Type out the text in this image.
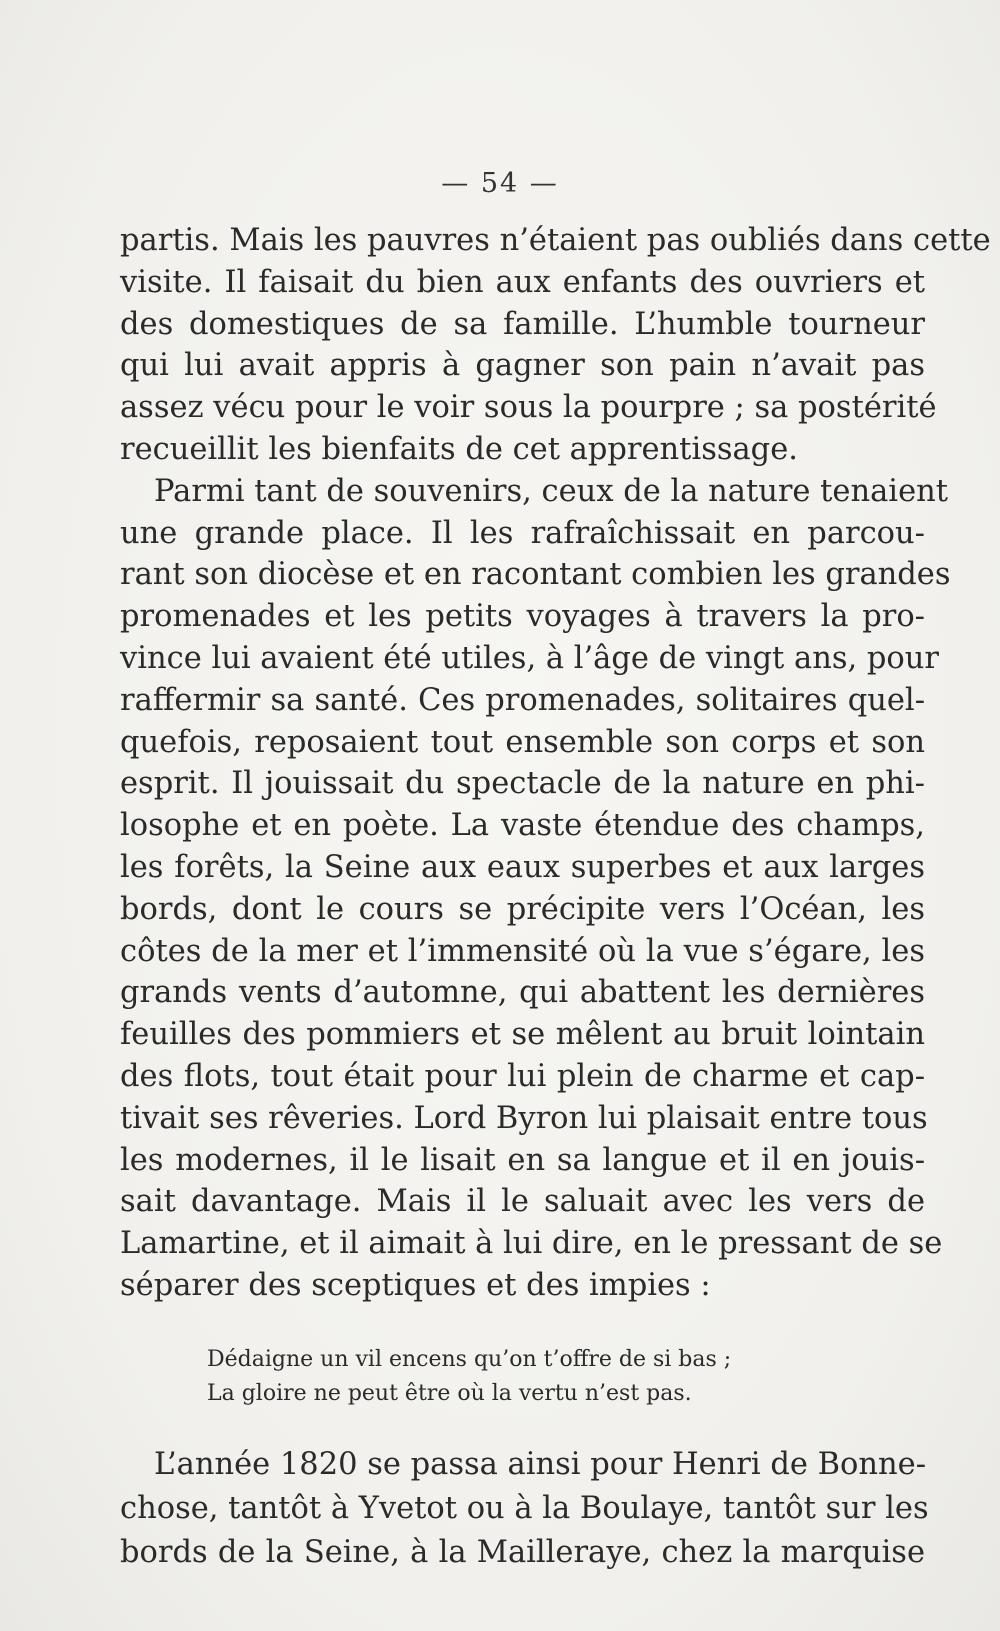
— 54 —
partis. Mais les pauvres n’étaient pas oubliés dans cette
visite. Il faisait du bien aux enfants des ouvriers et
des domestiques de sa famille. L’humble tourneur
qui lui avait appris à gagner son pain n’avait pas
assez vécu pour le voir sous la pourpre ; sa postérité
recueillit les bienfaits de cet apprentissage.
Parmi tant de souvenirs, ceux de la nature tenaient
une grande place. Il les rafraîchissait en parcou-
rant son diocèse et en racontant combien les grandes
promenades et les petits voyages à travers la pro-
vince lui avaient été utiles, à l’âge de vingt ans, pour
raffermir sa santé. Ces promenades, solitaires quel-
quefois, reposaient tout ensemble son corps et son
esprit. Il jouissait du spectacle de la nature en phi-
losophe et en poète. La vaste étendue des champs,
les forêts, la Seine aux eaux superbes et aux larges
bords, dont le cours se précipite vers l’Océan, les
côtes de la mer et l’immensité où la vue s’égare, les
grands vents d’automne, qui abattent les dernières
feuilles des pommiers et se mêlent au bruit lointain
des flots, tout était pour lui plein de charme et cap-
tivait ses rêveries. Lord Byron lui plaisait entre tous
les modernes, il le lisait en sa langue et il en jouis-
sait davantage. Mais il le saluait avec les vers de
Lamartine, et il aimait à lui dire, en le pressant de se
séparer des sceptiques et des impies :
Dédaigne un vil encens qu’on t’offre de si bas ;
La gloire ne peut être où la vertu n’est pas.
L’année 1820 se passa ainsi pour Henri de Bonne-
chose, tantôt à Yvetot ou à la Boulaye, tantôt sur les
bords de la Seine, à la Mailleraye, chez la marquise
